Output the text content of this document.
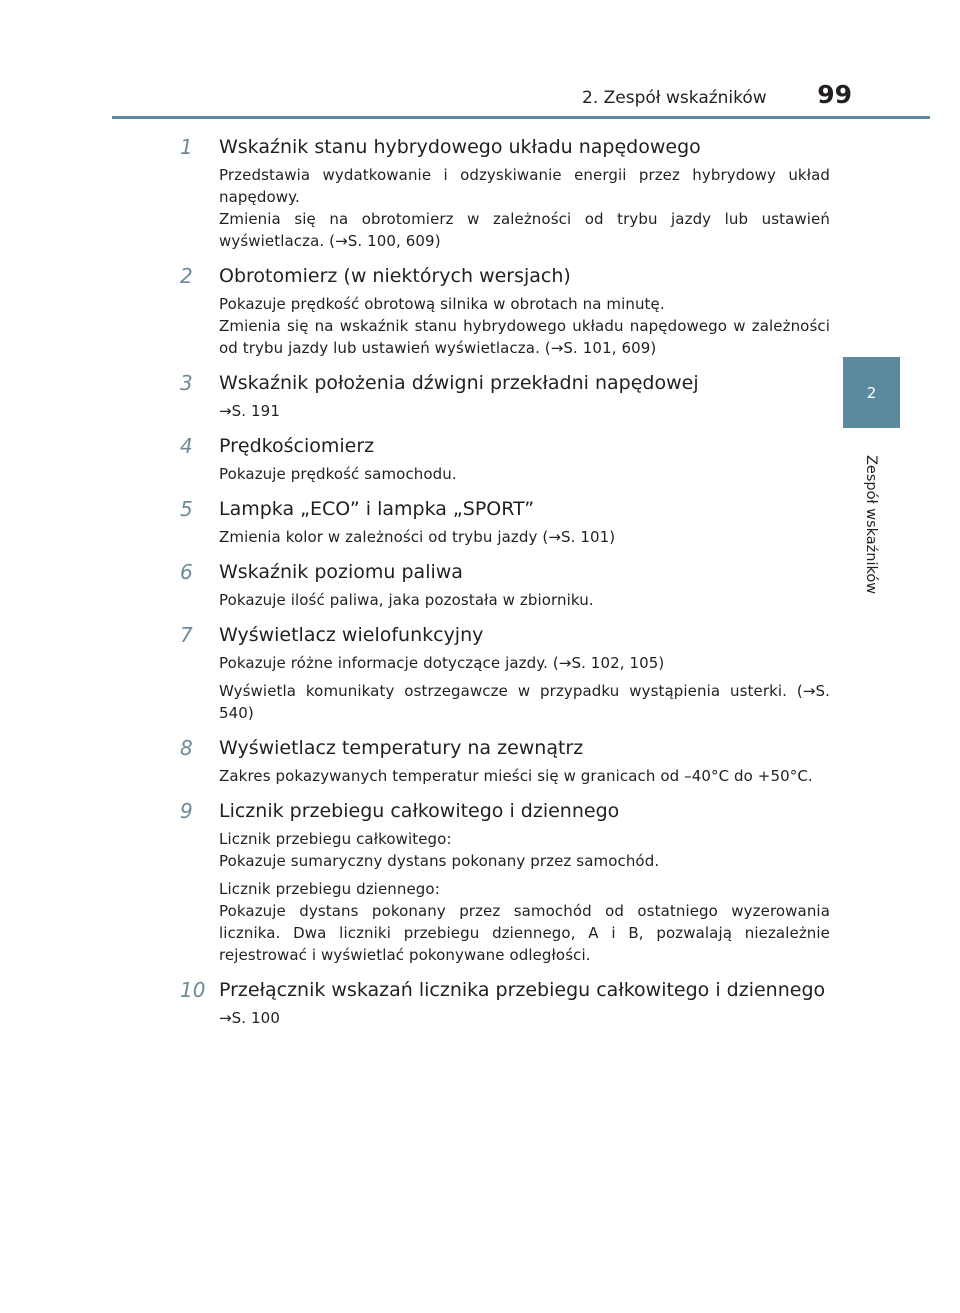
2. Zespół wskaźników 99
2
Zespół wskaźników
1	Wskaźnik stanu hybrydowego układu napędowego
Przedstawia wydatkowanie i odzyskiwanie energii przez hybrydowy układ napędowy.
Zmienia się na obrotomierz w zależności od trybu jazdy lub ustawień wyświetlacza. (→S. 100, 609)
2	Obrotomierz (w niektórych wersjach)
Pokazuje prędkość obrotową silnika w obrotach na minutę.
Zmienia się na wskaźnik stanu hybrydowego układu napędowego w zależności od trybu jazdy lub ustawień wyświetlacza. (→S. 101, 609)
3	Wskaźnik położenia dźwigni przekładni napędowej
→S. 191
4	Prędkościomierz
Pokazuje prędkość samochodu.
5	Lampka „ECO” i lampka „SPORT”
Zmienia kolor w zależności od trybu jazdy (→S. 101)
6	Wskaźnik poziomu paliwa
Pokazuje ilość paliwa, jaka pozostała w zbiorniku.
7	Wyświetlacz wielofunkcyjny
Pokazuje różne informacje dotyczące jazdy. (→S. 102, 105)
Wyświetla komunikaty ostrzegawcze w przypadku wystąpienia usterki. (→S. 540)
8	Wyświetlacz temperatury na zewnątrz
Zakres pokazywanych temperatur mieści się w granicach od –40°C do +50°C.
9	Licznik przebiegu całkowitego i dziennego
Licznik przebiegu całkowitego:
Pokazuje sumaryczny dystans pokonany przez samochód.
Licznik przebiegu dziennego:
Pokazuje dystans pokonany przez samochód od ostatniego wyzerowania licznika. Dwa liczniki przebiegu dziennego, A i B, pozwalają niezależnie rejestrować i wyświetlać pokonywane odległości.
10 Przełącznik wskazań licznika przebiegu całkowitego i dziennego
→S. 100
